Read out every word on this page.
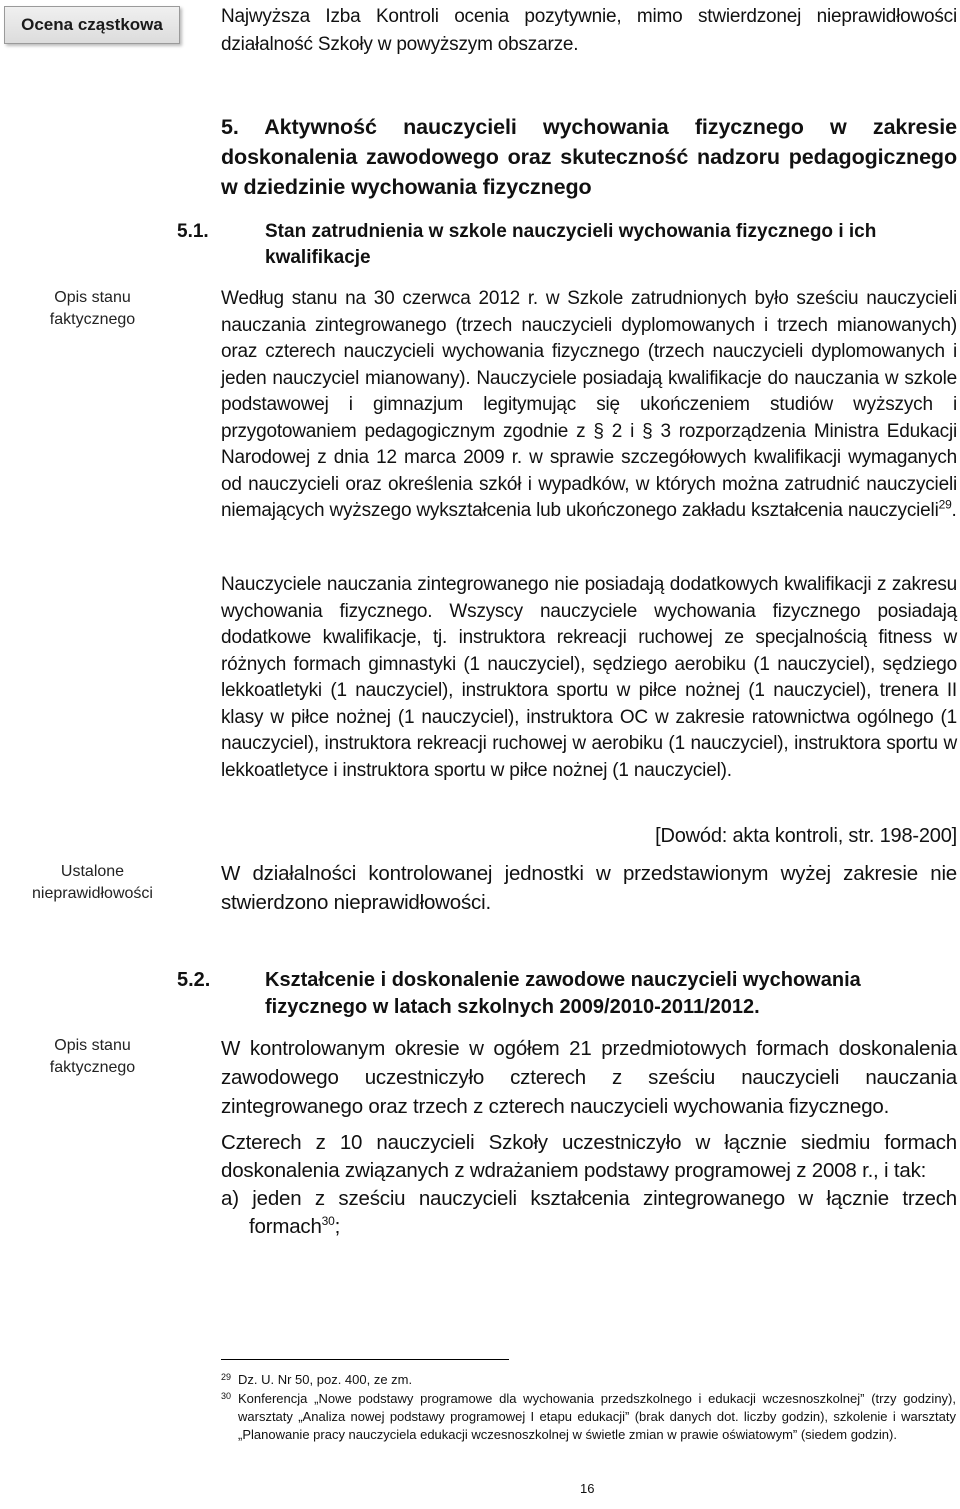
Ocena cząstkowa	Najwyższa Izba Kontroli ocenia pozytywnie, mimo stwierdzonej nieprawidłowości działalność Szkoły w powyższym obszarze.
5. Aktywność nauczycieli wychowania fizycznego w zakresie doskonalenia zawodowego oraz skuteczność nadzoru pedagogicznego w dziedzinie wychowania fizycznego
5.1.	Stan zatrudnienia w szkole nauczycieli wychowania fizycznego i ich kwalifikacje
Opis stanu
faktycznego
Według stanu na 30 czerwca 2012 r. w Szkole zatrudnionych było sześciu nauczycieli nauczania zintegrowanego (trzech nauczycieli dyplomowanych i trzech mianowanych) oraz czterech nauczycieli wychowania fizycznego (trzech nauczycieli dyplomowanych i jeden nauczyciel mianowany). Nauczyciele posiadają kwalifikacje do nauczania w szkole podstawowej i gimnazjum legitymując się ukończeniem studiów wyższych i przygotowaniem pedagogicznym zgodnie z § 2 i § 3 rozporządzenia Ministra Edukacji Narodowej z dnia 12 marca 2009 r. w sprawie szczegółowych kwalifikacji wymaganych od nauczycieli oraz określenia szkół i wypadków, w których można zatrudnić nauczycieli niemających wyższego wykształcenia lub ukończonego zakładu kształcenia nauczycieli$^{29}$.
Nauczyciele nauczania zintegrowanego nie posiadają dodatkowych kwalifikacji z zakresu wychowania fizycznego. Wszyscy nauczyciele wychowania fizycznego posiadają dodatkowe kwalifikacje, tj. instruktora rekreacji ruchowej ze specjalnością fitness w różnych formach gimnastyki (1 nauczyciel), sędziego aerobiku (1 nauczyciel), sędziego lekkoatletyki (1 nauczyciel), instruktora sportu w piłce nożnej (1 nauczyciel), trenera II klasy w piłce nożnej (1 nauczyciel), instruktora OC w zakresie ratownictwa ogólnego (1 nauczyciel), instruktora rekreacji ruchowej w aerobiku (1 nauczyciel), instruktora sportu w lekkoatletyce i instruktora sportu w piłce nożnej (1 nauczyciel).
[Dowód: akta kontroli, str. 198-200]
Ustalone
nieprawidłowości
W działalności kontrolowanej jednostki w przedstawionym wyżej zakresie nie stwierdzono nieprawidłowości.
5.2.	Kształcenie i doskonalenie zawodowe nauczycieli wychowania fizycznego w latach szkolnych 2009/2010-2011/2012.
Opis stanu
faktycznego
W kontrolowanym okresie w ogółem 21 przedmiotowych formach doskonalenia zawodowego uczestniczyło czterech z sześciu nauczycieli nauczania zintegrowanego oraz trzech z czterech nauczycieli wychowania fizycznego.
Czterech z 10 nauczycieli Szkoły uczestniczyło w łącznie siedmiu formach doskonalenia związanych z wdrażaniem podstawy programowej z 2008 r., i tak:
a) jeden z sześciu nauczycieli kształcenia zintegrowanego w łącznie trzech formach$^{30}$;
29 Dz. U. Nr 50, poz. 400, ze zm.
30 Konferencja „Nowe podstawy programowe dla wychowania przedszkolnego i edukacji wczesnoszkolnej” (trzy godziny), warsztaty „Analiza nowej podstawy programowej I etapu edukacji” (brak danych dot. liczby godzin), szkolenie i warsztaty „Planowanie pracy nauczyciela edukacji wczesnoszkolnej w świetle zmian w prawie oświatowym” (siedem godzin).
16
